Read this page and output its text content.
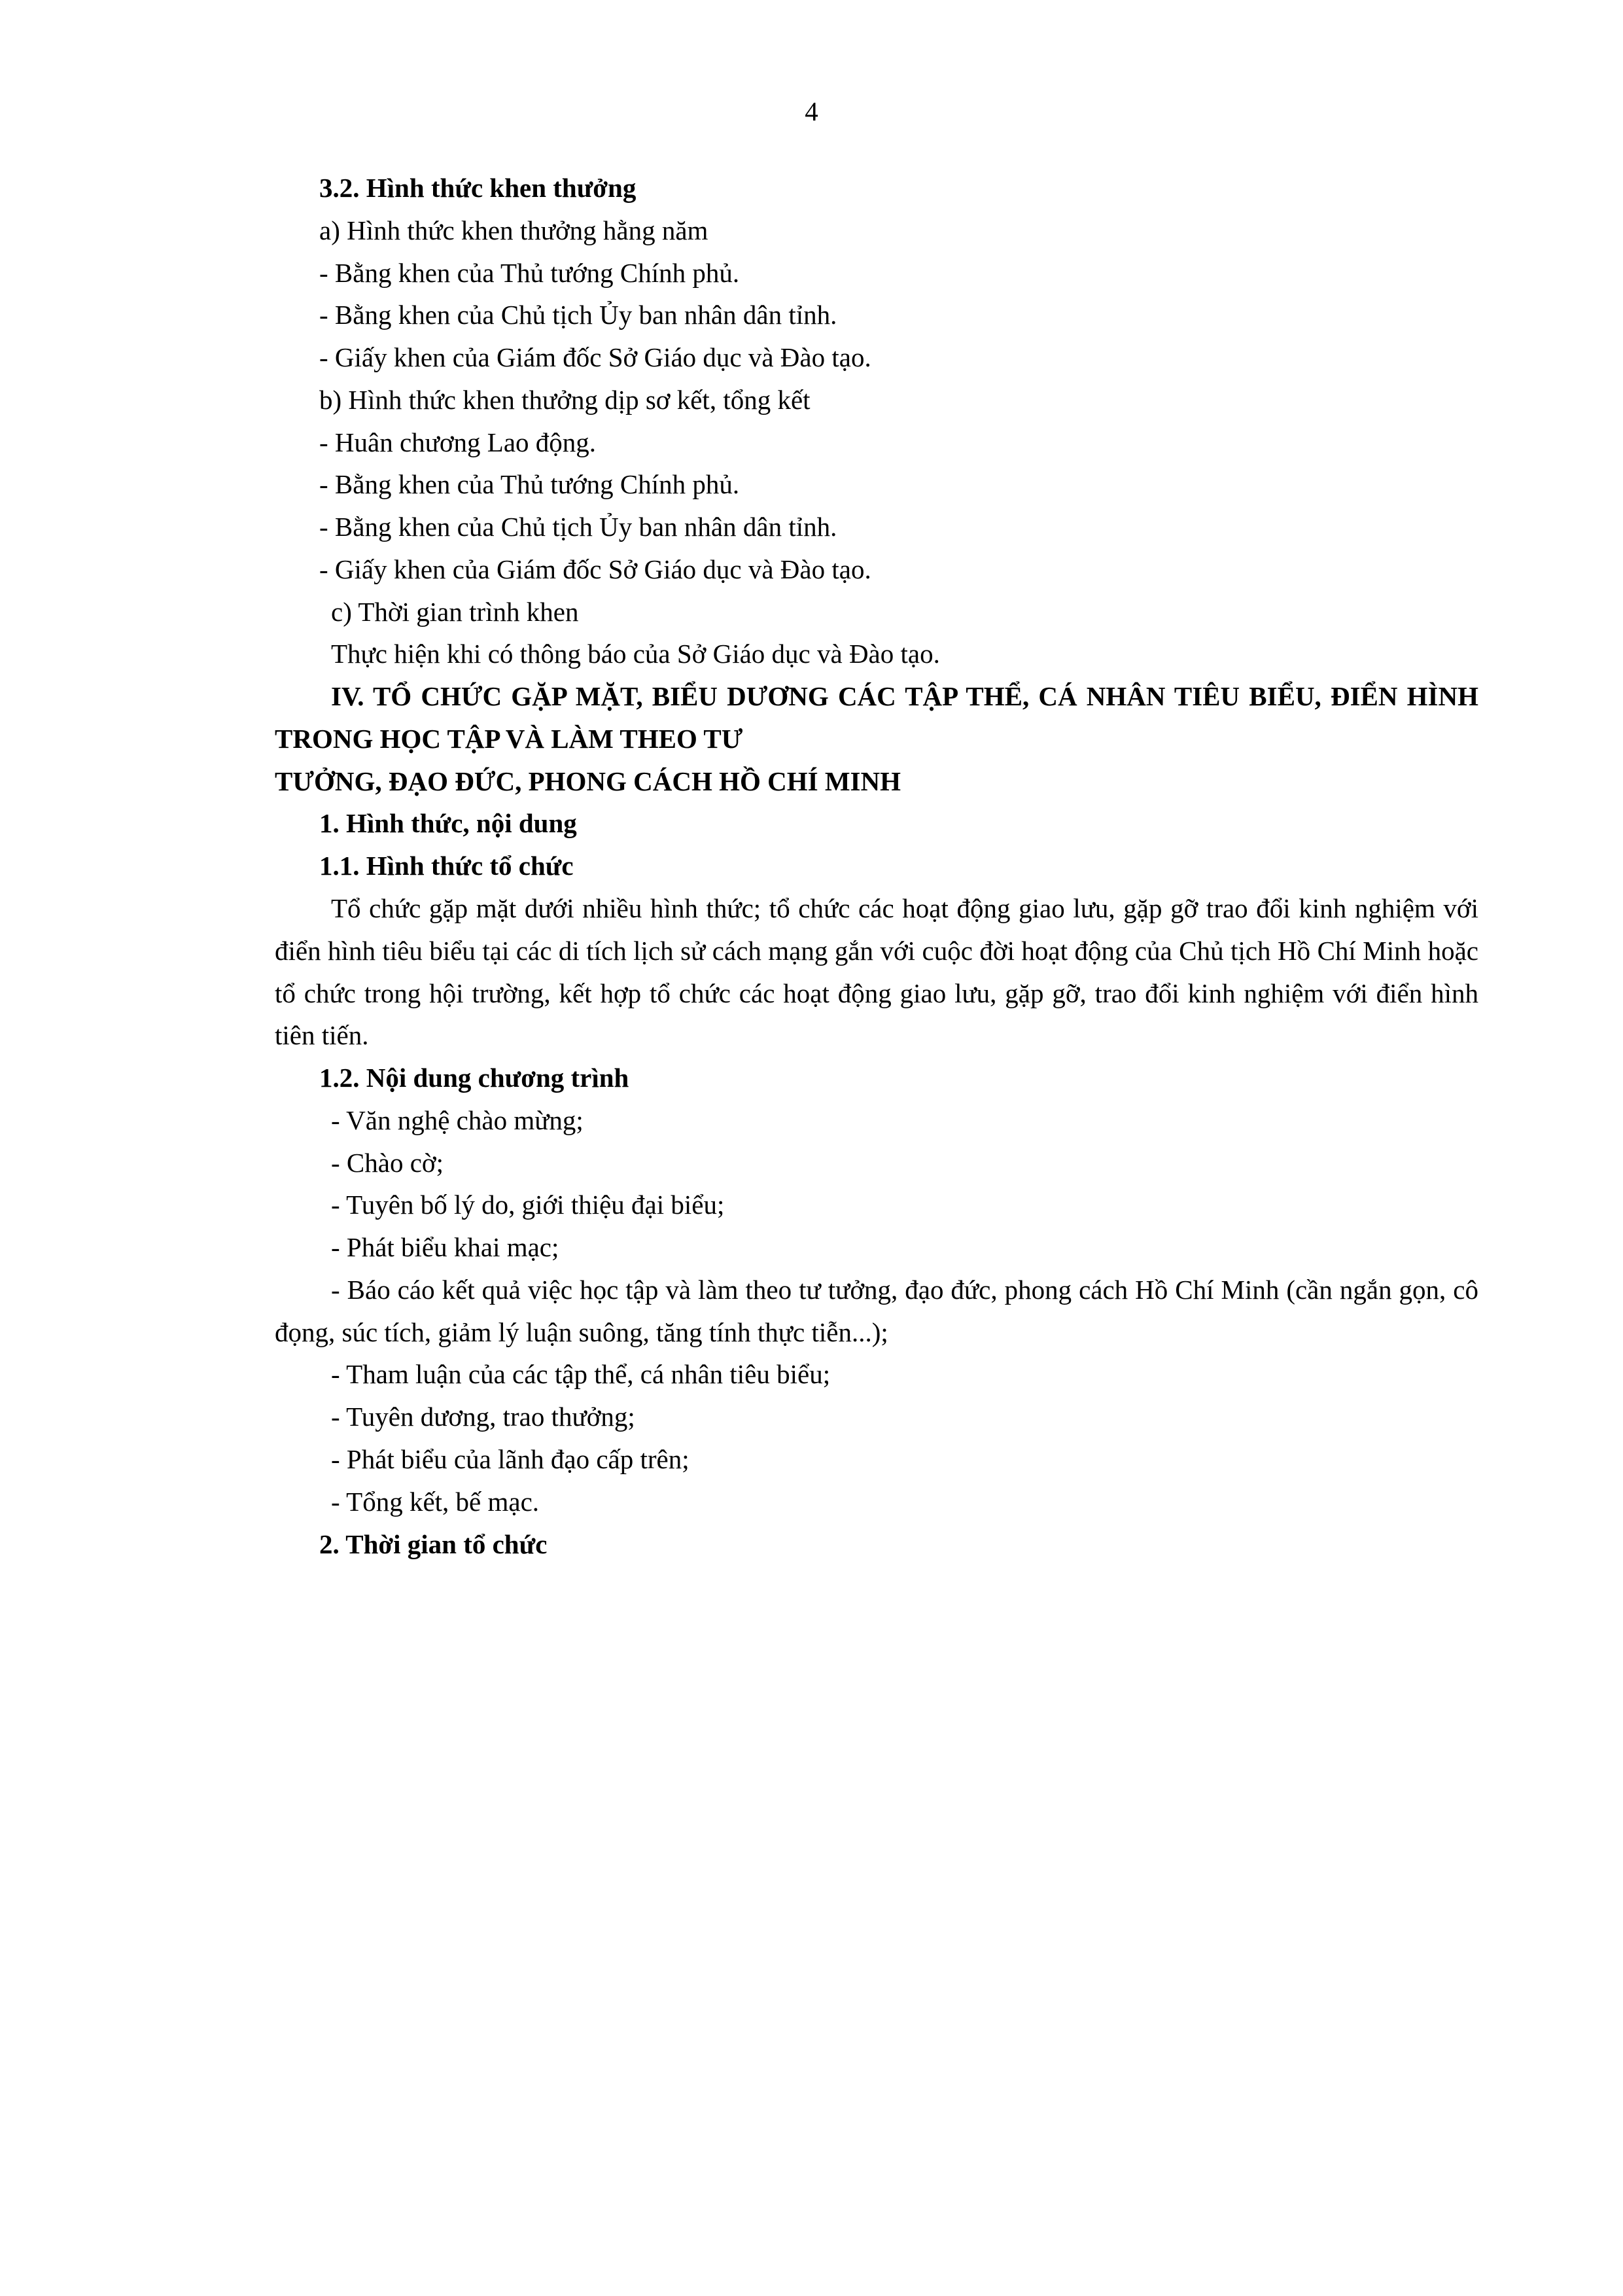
4

3.2. Hình thức khen thưởng

a) Hình thức khen thưởng hằng năm

- Bằng khen của Thủ tướng Chính phủ.

- Bằng khen của Chủ tịch Ủy ban nhân dân tỉnh.

- Giấy khen của Giám đốc Sở Giáo dục và Đào tạo.

b) Hình thức khen thưởng dịp sơ kết, tổng kết

- Huân chương Lao động.

- Bằng khen của Thủ tướng Chính phủ.

- Bằng khen của Chủ tịch Ủy ban nhân dân tỉnh.

- Giấy khen của Giám đốc Sở Giáo dục và Đào tạo.

c) Thời gian trình khen

Thực hiện khi có thông báo của Sở Giáo dục và Đào tạo.

IV. TỔ CHỨC GẶP MẶT, BIỂU DƯƠNG CÁC TẬP THỂ, CÁ NHÂN TIÊU BIỂU, ĐIỂN HÌNH TRONG HỌC TẬP VÀ LÀM THEO TƯ
TƯỞNG, ĐẠO ĐỨC, PHONG CÁCH HỒ CHÍ MINH

1. Hình thức, nội dung

1.1. Hình thức tổ chức

Tổ chức gặp mặt dưới nhiều hình thức; tổ chức các hoạt động giao lưu, gặp gỡ trao đổi kinh nghiệm với điển hình tiêu biểu tại các di tích lịch sử cách mạng gắn với cuộc đời hoạt động của Chủ tịch Hồ Chí Minh hoặc tổ chức trong hội trường, kết hợp tổ chức các hoạt động giao lưu, gặp gỡ, trao đổi kinh nghiệm với điển hình tiên tiến.

1.2. Nội dung chương trình

- Văn nghệ chào mừng;

- Chào cờ;

- Tuyên bố lý do, giới thiệu đại biểu;

- Phát biểu khai mạc;

- Báo cáo kết quả việc học tập và làm theo tư tưởng, đạo đức, phong cách Hồ Chí Minh (cần ngắn gọn, cô đọng, súc tích, giảm lý luận suông, tăng tính thực tiễn...);

- Tham luận của các tập thể, cá nhân tiêu biểu;

- Tuyên dương, trao thưởng;

- Phát biểu của lãnh đạo cấp trên;

- Tổng kết, bế mạc.

2. Thời gian tổ chức
